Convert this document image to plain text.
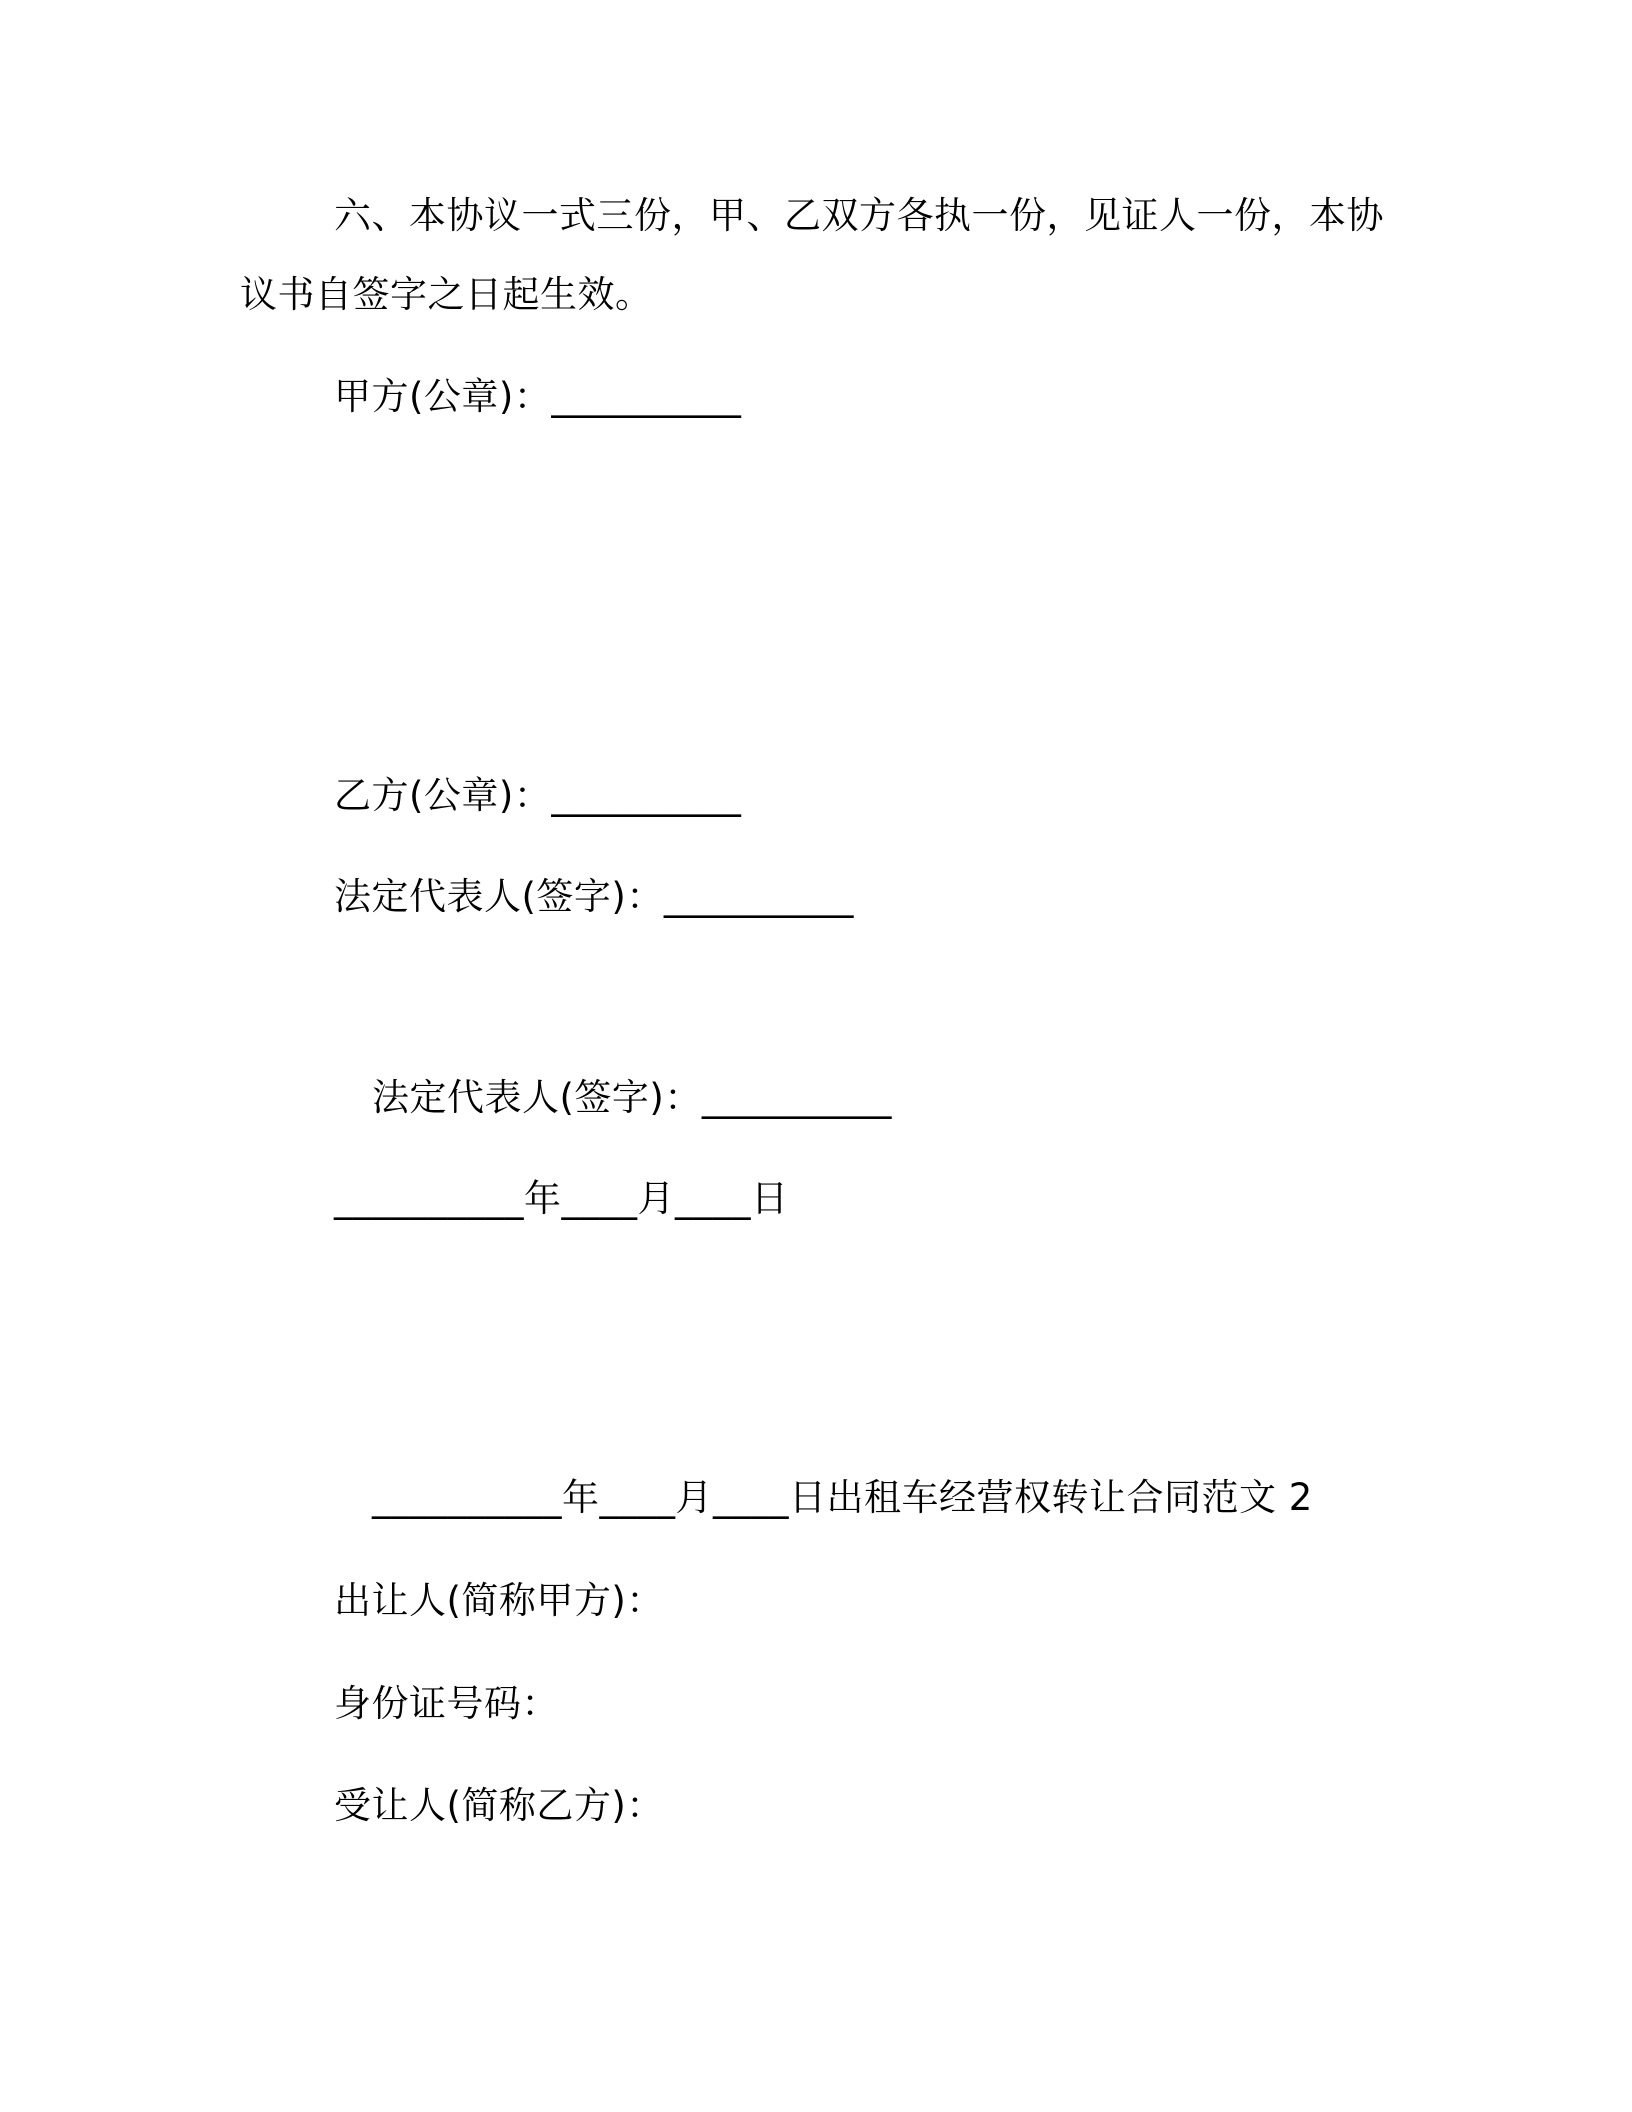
六、本协议一式三份，甲、乙双方各执一份，见证人一份，本协
议书自签字之日起生效。
甲方(公章)：__________
乙方(公章)：__________
法定代表人(签字)：__________
法定代表人(签字)：__________
__________年____月____日
__________年____月____日出租车经营权转让合同范文 2
出让人(简称甲方)：
身份证号码：
受让人(简称乙方)：
